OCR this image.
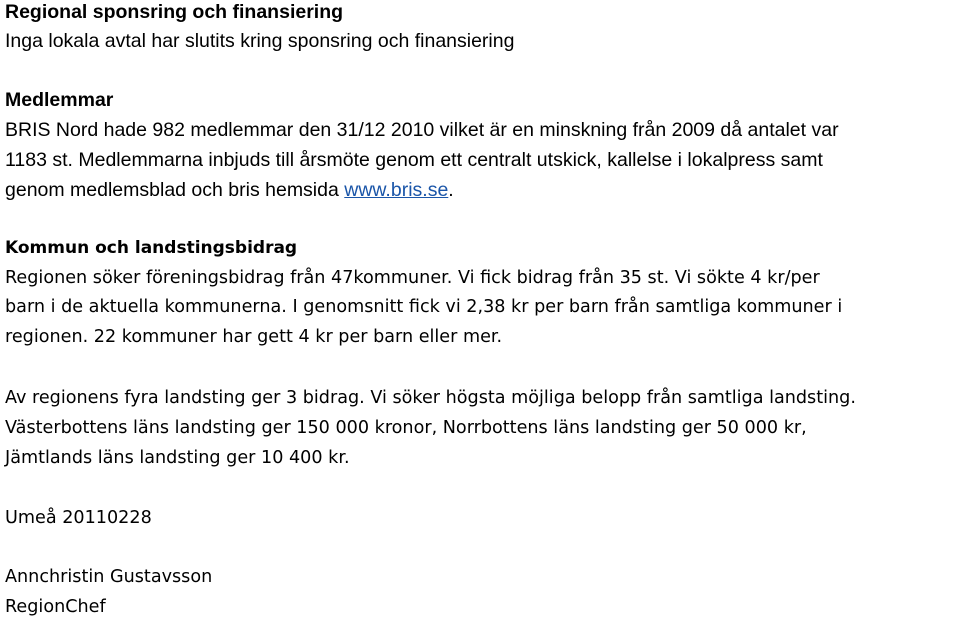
Regional sponsring och finansiering
Inga lokala avtal har slutits kring sponsring och finansiering
Medlemmar
BRIS Nord hade 982 medlemmar den 31/12 2010 vilket är en minskning från 2009 då antalet var
1183 st. Medlemmarna inbjuds till årsmöte genom ett centralt utskick, kallelse i lokalpress samt
genom medlemsblad och bris hemsida www.bris.se.
Kommun och landstingsbidrag
Regionen söker föreningsbidrag från 47kommuner. Vi fick bidrag från 35 st. Vi sökte 4 kr/per
barn i de aktuella kommunerna. I genomsnitt fick vi 2,38 kr per barn från samtliga kommuner i
regionen. 22 kommuner har gett 4 kr per barn eller mer.
Av regionens fyra landsting ger 3 bidrag. Vi söker högsta möjliga belopp från samtliga landsting.
Västerbottens läns landsting ger 150 000 kronor, Norrbottens läns landsting ger 50 000 kr,
Jämtlands läns landsting ger 10 400 kr.
Umeå 20110228
Annchristin Gustavsson
RegionChef
